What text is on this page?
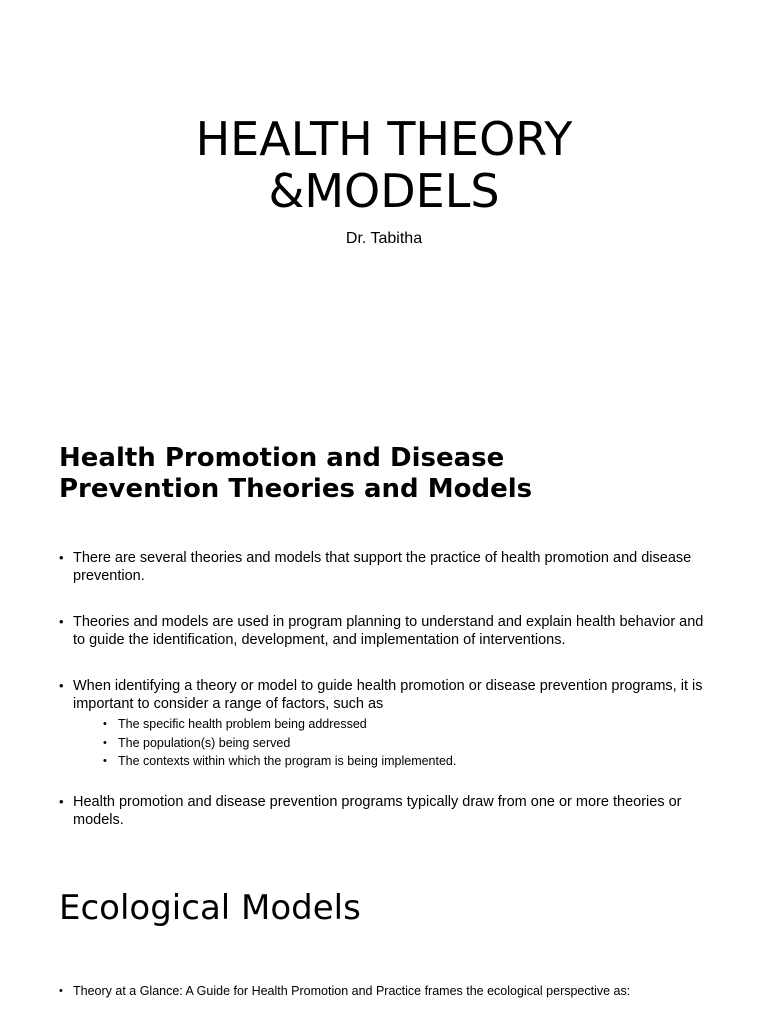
HEALTH THEORY
&MODELS
Dr. Tabitha
Health Promotion and Disease
Prevention Theories and Models
• There are several theories and models that support the practice of health promotion and disease prevention.
• Theories and models are used in program planning to understand and explain health behavior and to guide the identification, development, and implementation of interventions.
• When identifying a theory or model to guide health promotion or disease prevention programs, it is important to consider a range of factors, such as
• The specific health problem being addressed
• The population(s) being served
• The contexts within which the program is being implemented.
• Health promotion and disease prevention programs typically draw from one or more theories or models.
Ecological Models
• Theory at a Glance: A Guide for Health Promotion and Practice frames the ecological perspective as:
